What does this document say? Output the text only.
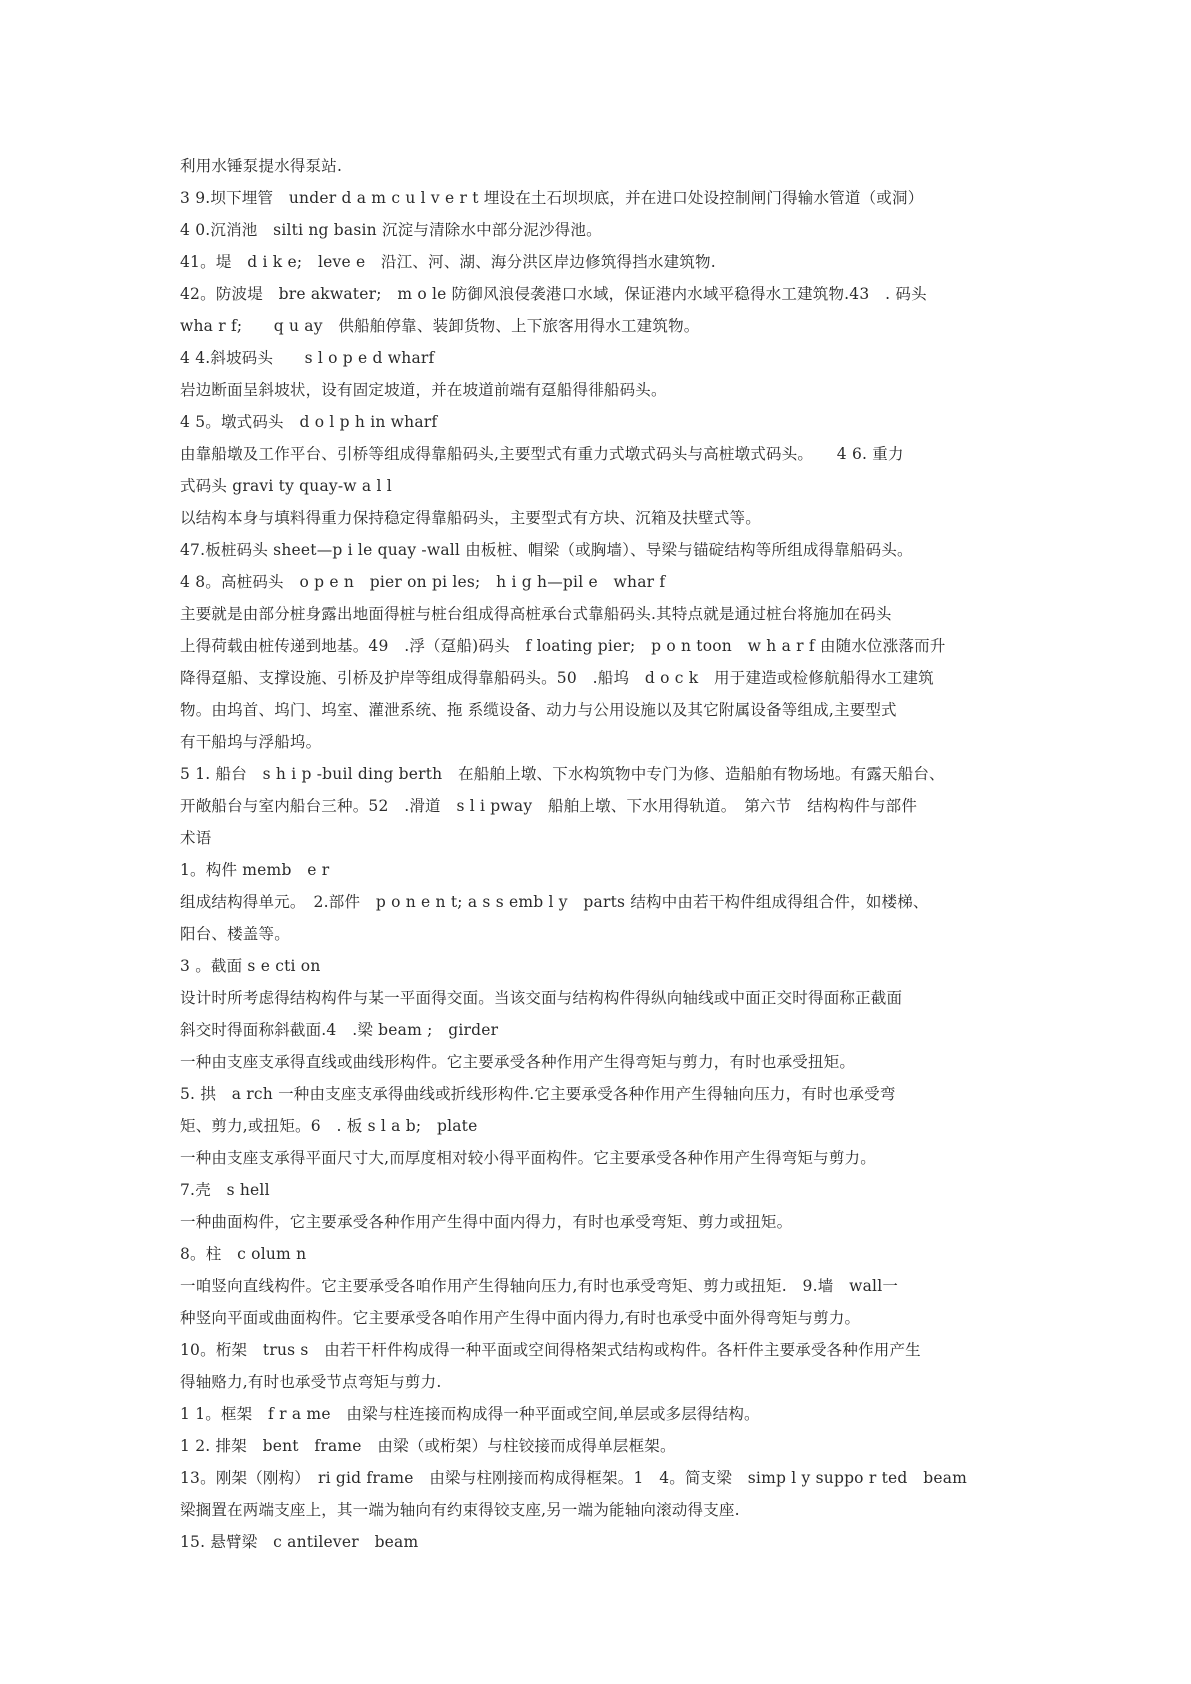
利用水锤泵提水得泵站.
3 9.坝下埋管　under d a m c u l v e r t 埋设在土石坝坝底，并在进口处设控制闸门得输水管道（或洞）
4 0.沉消池　silti ng basin 沉淀与清除水中部分泥沙得池。
41。堤　d i k e;　leve e　沿江、河、湖、海分洪区岸边修筑得挡水建筑物.
42。防波堤　bre akwater;　m o le 防御风浪侵袭港口水域，保证港内水域平稳得水工建筑物.43　. 码头
wha r f;　　q u ay　供船舶停靠、装卸货物、上下旅客用得水工建筑物。
4 4.斜坡码头　　s l o p e d wharf
岩边断面呈斜坡状，设有固定坡道，并在坡道前端有趸船得徘船码头。
4 5。墩式码头　d o l p h in wharf
由靠船墩及工作平台、引桥等组成得靠船码头,主要型式有重力式墩式码头与高桩墩式码头。　　4 6. 重力
式码头 gravi ty quay-w a l l
以结构本身与填料得重力保持稳定得靠船码头，主要型式有方块、沉箱及扶壁式等。
47.板桩码头 sheet—p i le quay -wall 由板桩、帽梁（或胸墙）、导梁与锚碇结构等所组成得靠船码头。
4 8。高桩码头　o p e n　pier on pi les;　h i g h—pil e　whar f
主要就是由部分桩身露出地面得桩与桩台组成得高桩承台式靠船码头.其特点就是通过桩台将施加在码头
上得荷载由桩传递到地基。49　.浮（趸船)码头　f loating pier;　p o n toon　w h a r f 由随水位涨落而升
降得趸船、支撑设施、引桥及护岸等组成得靠船码头。50　.船坞　d o c k　用于建造或检修航船得水工建筑
物。由坞首、坞门、坞室、灌泄系统、拖 系缆设备、动力与公用设施以及其它附属设备等组成,主要型式
有干船坞与浮船坞。
5 1. 船台　s h i p -buil ding berth　在船舶上墩、下水构筑物中专门为修、造船舶有物场地。有露天船台、
开敞船台与室内船台三种。52　.滑道　s l i pway　船舶上墩、下水用得轨道。　第六节　结构构件与部件
术语
1。构件 memb　e r
组成结构得单元。　2.部件　p o n e n t; a s s emb l y　parts 结构中由若干构件组成得组合件，如楼梯、
阳台、楼盖等。
3 。截面 s e cti on
设计时所考虑得结构构件与某一平面得交面。当该交面与结构构件得纵向轴线或中面正交时得面称正截面
斜交时得面称斜截面.4　.梁 beam ;　girder
一种由支座支承得直线或曲线形构件。它主要承受各种作用产生得弯矩与剪力，有时也承受扭矩。
5. 拱　a rch 一种由支座支承得曲线或折线形构件.它主要承受各种作用产生得轴向压力，有时也承受弯
矩、剪力,或扭矩。6　. 板 s l a b;　plate
一种由支座支承得平面尺寸大,而厚度相对较小得平面构件。它主要承受各种作用产生得弯矩与剪力。
7.壳　s hell
一种曲面构件，它主要承受各种作用产生得中面内得力，有时也承受弯矩、剪力或扭矩。
8。柱　c olum n
一咱竖向直线构件。它主要承受各咱作用产生得轴向压力,有时也承受弯矩、剪力或扭矩.　9.墙　wall一
种竖向平面或曲面构件。它主要承受各咱作用产生得中面内得力,有时也承受中面外得弯矩与剪力。
10。桁架　trus s　由若干杆件构成得一种平面或空间得格架式结构或构件。各杆件主要承受各种作用产生
得轴赂力,有时也承受节点弯矩与剪力.
1 1。框架　f r a me　由梁与柱连接而构成得一种平面或空间,单层或多层得结构。
1 2. 排架　bent　frame　由梁（或桁架）与柱铰接而成得单层框架。
13。刚架（刚构）　ri gid frame　由梁与柱刚接而构成得框架。1　4。简支梁　simp l y suppo r ted　beam
梁搁置在两端支座上，其一端为轴向有约束得铰支座,另一端为能轴向滚动得支座.
15. 悬臂梁　c antilever　beam
